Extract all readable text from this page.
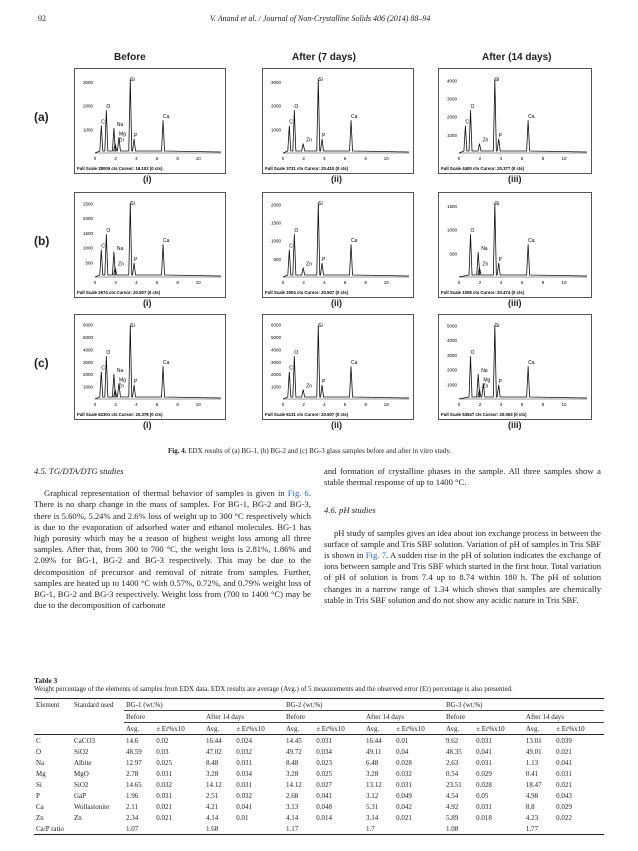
92	V. Anand et al. / Journal of Non-Crystalline Solids 406 (2014) 88–94
Before	After (7 days)	After (14 days)
(a)
(b)
(c)
1000
2000
3000
0	2	4	6	8	10
C
O
Na
Mg
Zn
Si
P
Ca
Full Scale 28005 cts Cursor: 19.102 (0 cts)
(i)
1000
2000
3000
0	2	4	6	8	10
O
C
Zn
Si
P
Ca
Full Scale 3731 cts Cursor: 20.410 (0 cts)
(ii)
1000
2000
3000
4000
0	2	4	6	8	10
O
C
Zn
Si
P
Ca
Full Scale 4400 cts Cursor: 20.377 (0 cts)
(iii)
500
1000
1500
2000
2500
0	2	4	6	8	10
O
Na
C
Zn
Si
P
Ca
Full Scale 2674 cts Cursor: 20.507 (0 cts)
(i)
500
1000
1500
2000
0	2	4	6	8	10
O
C
Zn
Si
P
Ca
Full Scale 2004 cts Cursor: 20.507 (0 cts)
(ii)
500
1000
1500
0	2	4	6	8	10
O
Na
Zn
Si
P
Ca
Full Scale 1008 cts Cursor: 20.474 (0 cts)
(iii)
1000
2000
3000
4000
5000
6000
0	2	4	6	8	10
O
Na
C
Zn
Mg
Si
P
Ca
Full Scale 62301 cts Cursor: 20.378 (0 cts)
(i)
1000
2000
3000
4000
5000
6000
0	2	4	6	8	10
O
C
Zn
Si
P
Ca
Full Scale 6131 cts Cursor: 20.507 (0 cts)
(ii)
1000
2000
3000
4000
5000
0	2	4	6	8	10
O
Na
Zn
Mg
Si
P
Ca
Full Scale 54547 cts Cursor: 20.053 (0 cts)
(iii)
Fig. 4. EDX results of (a) BG-1, (b) BG-2 and (c) BG-3 glass samples before and after in vitro study.

4.5. TG/DTA/DTG studies

Graphical representation of thermal behavior of samples is given in Fig. 6. There is no sharp change in the mass of samples. For BG-1, BG-2 and BG-3, there is 5.60%, 5.24% and 2.6% loss of weight up to 300 °C respectively which is due to the evaporation of adsorbed water and ethanol molecules. BG-1 has high porosity which may be a reason of highest weight loss among all three samples. After that, from 300 to 700 °C, the weight loss is 2.81%, 1.86% and 2.09% for BG-1, BG-2 and BG-3 respectively. This may be due to the decomposition of precursor and removal of nitrate from samples. Further, samples are heated up to 1400 °C with 0.57%, 0.72%, and 0.79% weight loss of BG-1, BG-2 and BG-3 respectively. Weight loss from (700 to 1400 °C) may be due to the decomposition of carbonate

and formation of crystalline phases in the sample. All three samples show a stable thermal response of up to 1400 °C.

4.6. pH studies

pH study of samples gives an idea about ion exchange process in between the surface of sample and Tris SBF solution. Variation of pH of samples in Tris SBF is shown in Fig. 7. A sudden rise in the pH of solution indicates the exchange of ions between sample and Tris SBF which started in the first hour. Total variation of pH of solution is from 7.4 up to 8.74 within 180 h. The pH of solution changes in a narrow range of 1.34 which shows that samples are chemically stable in Tris SBF solution and do not show any acidic nature in Tris SBF.

Table 3
Weight percentage of the elements of samples from EDX data. EDX results are average (Avg.) of 5 measurements and the observed error (Er) percentage is also presented.
Element	Standard used	BG-1 (wt.%)				BG-2 (wt.%)				BG-3 (wt.%)			
		Before		After 14 days		Before		After 14 days		Before		After 14 days	
		Avg.	± Er%x10	Avg.	± Er%x10	Avg.	± Er%x10	Avg.	± Er%x10	Avg.	± Er%x10	Avg.	± Er%x10
C	CaCO3	14.6	0.02	16.44	0.024	14.45	0.031	16.44	0.01	9.62	0.031	13.01	0.039
O	SiO2	48.59	0.03	47.02	0.032	49.72	0.034	49.11	0.04	48.35	0.041	49.01	0.021
Na	Albite	12.97	0.025	8.48	0.031	8.48	0.023	6.48	0.028	2.63	0.031	1.13	0.041
Mg	MgO	2.78	0.031	3.28	0.034	3.28	0.025	3.28	0.032	0.54	0.029	0.41	0.031
Si	SiO2	14.65	0.032	14.12	0.031	14.12	0.027	13.12	0.031	23.51	0.028	18.47	0.021
P	GaP	1.96	0.031	2.51	0.032	2.68	0.041	3.12	0.049	4.54	0.05	4.98	0.043
Ca	Wollastonite	2.11	0.021	4.21	0.041	3.13	0.048	5.31	0.042	4.92	0.031	8.8	0.029
Zn	Zn	2.34	0.021	4.14	0.01	4.14	0.014	3.14	0.021	5.89	0.018	4.23	0.022
Ca/P ratio		1.07		1.68		1.17		1.7		1.08		1.77	
